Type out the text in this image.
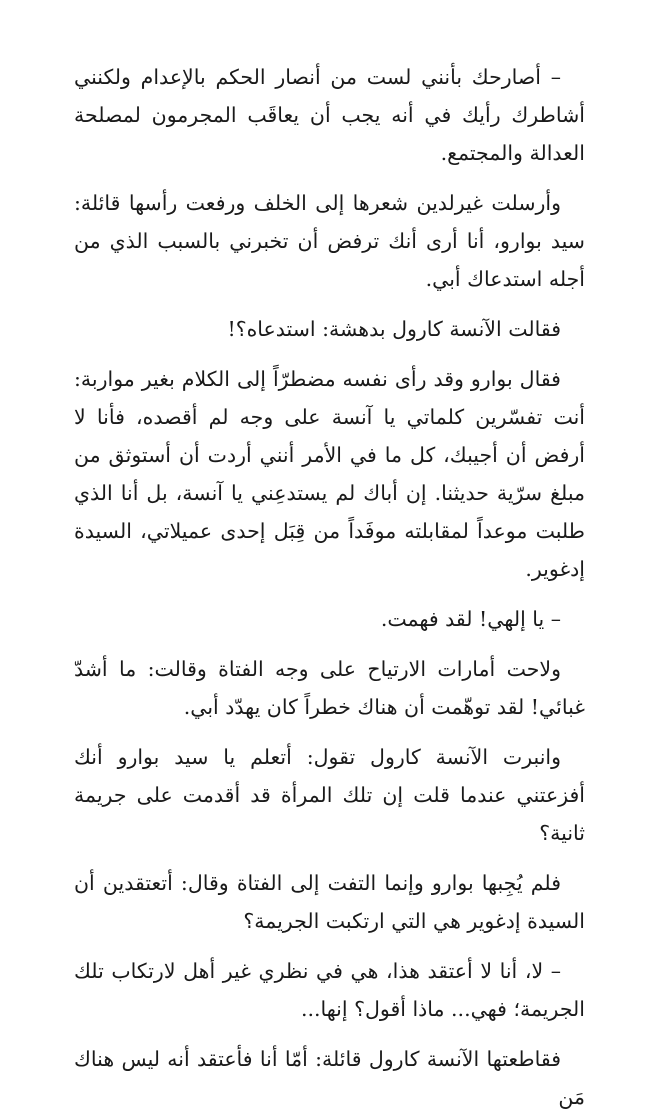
– أصارحك بأنني لست من أنصار الحكم بالإعدام ولكنني أشاطرك رأيك في أنه يجب أن يعاقَب المجرمون لمصلحة العدالة والمجتمع.

وأرسلت غيرلدين شعرها إلى الخلف ورفعت رأسها قائلة: سيد بوارو، أنا أرى أنك ترفض أن تخبرني بالسبب الذي من أجله استدعاك أبي.

فقالت الآنسة كارول بدهشة: استدعاه؟!

فقال بوارو وقد رأى نفسه مضطرّاً إلى الكلام بغير مواربة: أنت تفسّرين كلماتي يا آنسة على وجه لم أقصده، فأنا لا أرفض أن أجيبك، كل ما في الأمر أنني أردت أن أستوثق من مبلغ سرّية حديثنا. إن أباك لم يستدعِني يا آنسة، بل أنا الذي طلبت موعداً لمقابلته موفَداً من قِبَل إحدى عميلاتي، السيدة إدغوير.

– يا إلهي! لقد فهمت.

ولاحت أمارات الارتياح على وجه الفتاة وقالت: ما أشدّ غبائي! لقد توهّمت أن هناك خطراً كان يهدّد أبي.

وانبرت الآنسة كارول تقول: أتعلم يا سيد بوارو أنك أفزعتني عندما قلت إن تلك المرأة قد أقدمت على جريمة ثانية؟

فلم يُجِبها بوارو وإنما التفت إلى الفتاة وقال: أتعتقدين أن السيدة إدغوير هي التي ارتكبت الجريمة؟

– لا، أنا لا أعتقد هذا، هي في نظري غير أهل لارتكاب تلك الجريمة؛ فهي... ماذا أقول؟ إنها...

فقاطعتها الآنسة كارول قائلة: أمّا أنا فأعتقد أنه ليس هناك مَن
